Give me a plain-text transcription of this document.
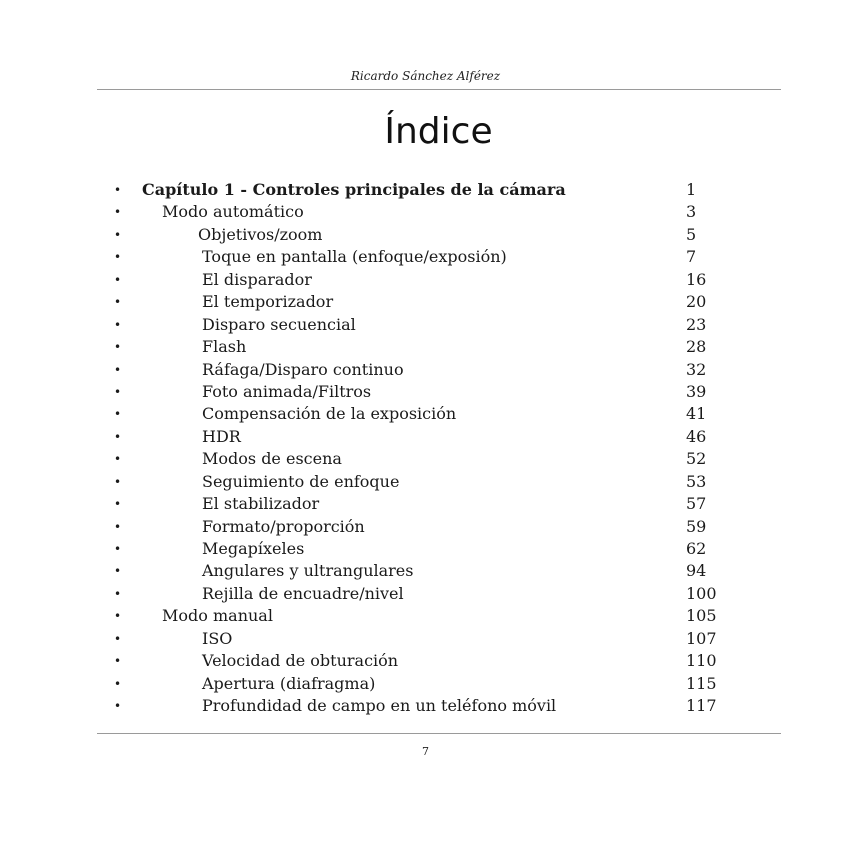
Ricardo Sánchez Alférez
Índice
• Capítulo 1 - Controles principales de la cámara	1
•	Modo automático	3
•	Objetivos/zoom	5
•	Toque en pantalla (enfoque/exposión)	7
•	El disparador	16
•	El temporizador	20
•	Disparo secuencial	23
•	Flash	28
•	Ráfaga/Disparo continuo	32
•	Foto animada/Filtros	39
•	Compensación de la exposición	41
•	HDR	46
•	Modos de escena	52
•	Seguimiento de enfoque	53
•	El stabilizador	57
•	Formato/proporción	59
•	Megapíxeles	62
•	Angulares y ultrangulares	94
•	Rejilla de encuadre/nivel	100
•	Modo manual	105
•	ISO	107
•	Velocidad de obturación	110
•	Apertura (diafragma)	115
•	Profundidad de campo en un teléfono móvil	117
7
